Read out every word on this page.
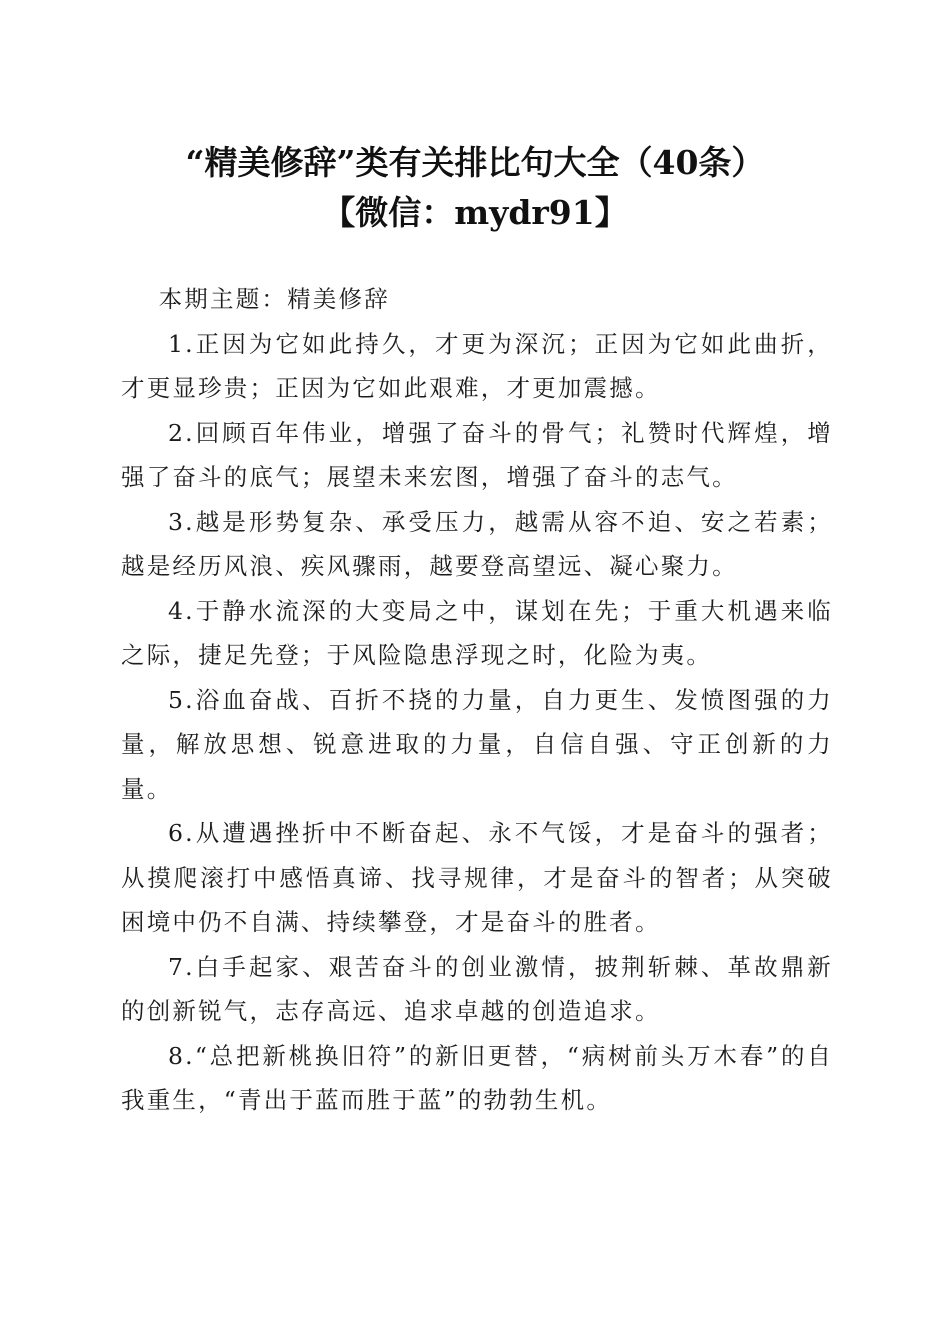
“精美修辞”类有关排比句大全（40条）
【微信：mydr91】

本期主题：精美修辞

1.正因为它如此持久，才更为深沉；正因为它如此曲折，才更显珍贵；正因为它如此艰难，才更加震撼。

2.回顾百年伟业，增强了奋斗的骨气；礼赞时代辉煌，增强了奋斗的底气；展望未来宏图，增强了奋斗的志气。

3.越是形势复杂、承受压力，越需从容不迫、安之若素；越是经历风浪、疾风骤雨，越要登高望远、凝心聚力。

4.于静水流深的大变局之中，谋划在先；于重大机遇来临之际，捷足先登；于风险隐患浮现之时，化险为夷。

5.浴血奋战、百折不挠的力量，自力更生、发愤图强的力量，解放思想、锐意进取的力量，自信自强、守正创新的力量。

6.从遭遇挫折中不断奋起、永不气馁，才是奋斗的强者；从摸爬滚打中感悟真谛、找寻规律，才是奋斗的智者；从突破困境中仍不自满、持续攀登，才是奋斗的胜者。

7.白手起家、艰苦奋斗的创业激情，披荆斩棘、革故鼎新的创新锐气，志存高远、追求卓越的创造追求。

8.“总把新桃换旧符”的新旧更替，“病树前头万木春”的自我重生，“青出于蓝而胜于蓝”的勃勃生机。
